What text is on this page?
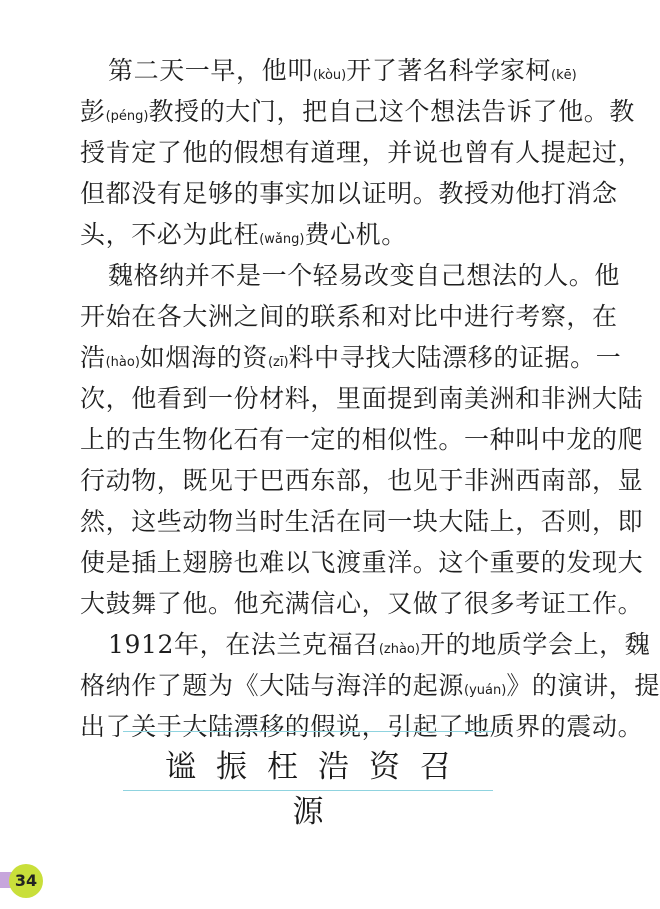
第二天一早，他叩(kòu)开了著名科学家柯(kē)
彭(péng)教授的大门，把自己这个想法告诉了他。教
授肯定了他的假想有道理，并说也曾有人提起过，
但都没有足够的事实加以证明。教授劝他打消念
头，不必为此枉(wǎng)费心机。
魏格纳并不是一个轻易改变自己想法的人。他
开始在各大洲之间的联系和对比中进行考察，在
浩(hào)如烟海的资(zī)料中寻找大陆漂移的证据。一
次，他看到一份材料，里面提到南美洲和非洲大陆
上的古生物化石有一定的相似性。一种叫中龙的爬
行动物，既见于巴西东部，也见于非洲西南部，显
然，这些动物当时生活在同一块大陆上，否则，即
使是插上翅膀也难以飞渡重洋。这个重要的发现大
大鼓舞了他。他充满信心，又做了很多考证工作。
1912年，在法兰克福召(zhào)开的地质学会上，魏
格纳作了题为《大陆与海洋的起源(yuán)》的演讲，提
出了关于大陆漂移的假说，引起了地质界的震动。
谧振枉浩资召源
34
